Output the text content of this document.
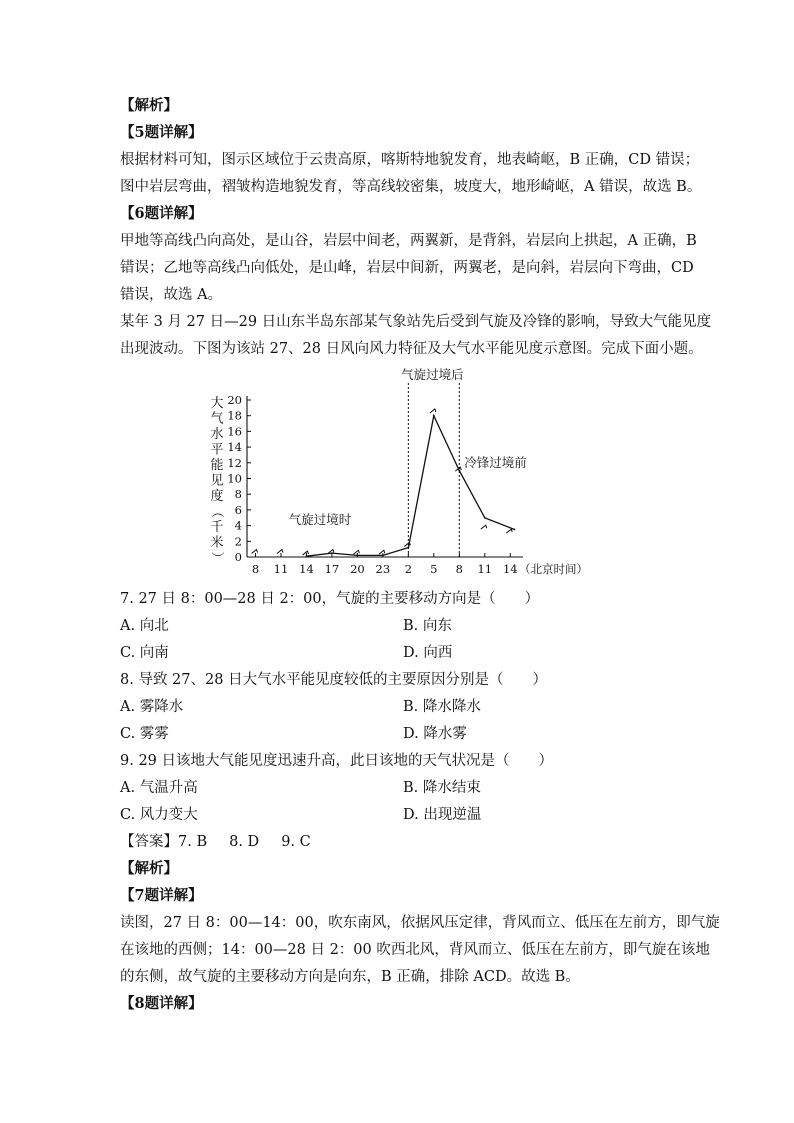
【解析】
【5题详解】
根据材料可知，图示区域位于云贵高原，喀斯特地貌发育，地表崎岖，B 正确，CD 错误；
图中岩层弯曲，褶皱构造地貌发育，等高线较密集，坡度大，地形崎岖，A 错误，故选 B。
【6题详解】
甲地等高线凸向高处，是山谷，岩层中间老，两翼新，是背斜，岩层向上拱起，A 正确，B
错误；乙地等高线凸向低处，是山峰，岩层中间新，两翼老，是向斜，岩层向下弯曲，CD
错误，故选 A。
某年 3 月 27 日—29 日山东半岛东部某气象站先后受到气旋及冷锋的影响，导致大气能见度
出现波动。下图为该站 27、28 日风向风力特征及大气水平能见度示意图。完成下面小题。
大
气
水
平
能
见
度
（
千
米
） 0
2
4
6
8
10
12
14
16
18
20
8 11 14 17 20 23 2 5 8 11 14 （北京时间）
气旋过境后
冷锋过境前
气旋过境时
7. 27 日 8：00—28 日 2：00，气旋的主要移动方向是（　　）
A. 向北	B. 向东
C. 向南	D. 向西
8. 导致 27、28 日大气水平能见度较低的主要原因分别是（　　）
A. 雾降水	B. 降水降水
C. 雾雾	D. 降水雾
9. 29 日该地大气能见度迅速升高，此日该地的天气状况是（　　）
A. 气温升高	B. 降水结束
C. 风力变大	D. 出现逆温
【答案】7. B 8. D 9. C
【解析】
【7题详解】
读图，27 日 8：00—14：00，吹东南风，依据风压定律，背风而立、低压在左前方，即气旋
在该地的西侧；14：00—28 日 2：00 吹西北风，背风而立、低压在左前方，即气旋在该地
的东侧，故气旋的主要移动方向是向东，B 正确，排除 ACD。故选 B。
【8题详解】
